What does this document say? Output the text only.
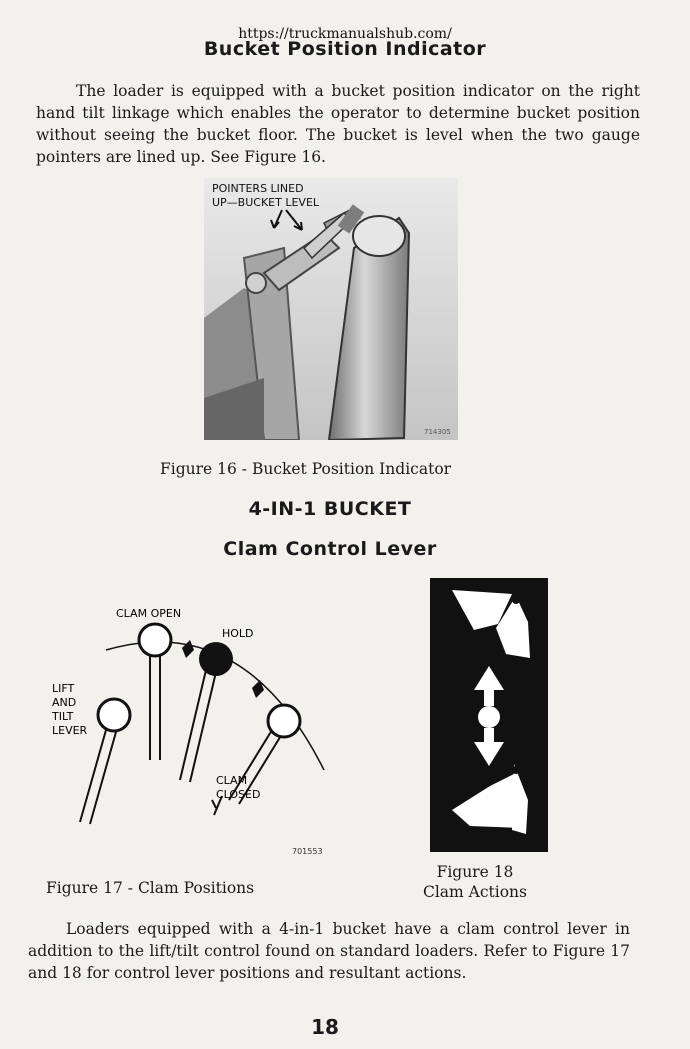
https://truckmanualshub.com/
Bucket Position Indicator
The loader is equipped with a bucket position indicator on the right hand tilt linkage which enables the operator to determine bucket position without seeing the bucket floor. The bucket is level when the two gauge pointers are lined up. See Figure 16.
POINTERS LINED
UP—BUCKET LEVEL
714305
Figure 16 - Bucket Position Indicator
4-IN-1 BUCKET
Clam Control Lever
CLAM OPEN
HOLD
LIFT
AND
TILT
LEVER
CLAM
CLOSED
701553
Figure 18
Clam Actions
Figure 17 - Clam Positions
Loaders equipped with a 4-in-1 bucket have a clam control lever in addition to the lift/tilt control found on standard loaders. Refer to Figure 17 and 18 for control lever positions and resultant actions.
18
